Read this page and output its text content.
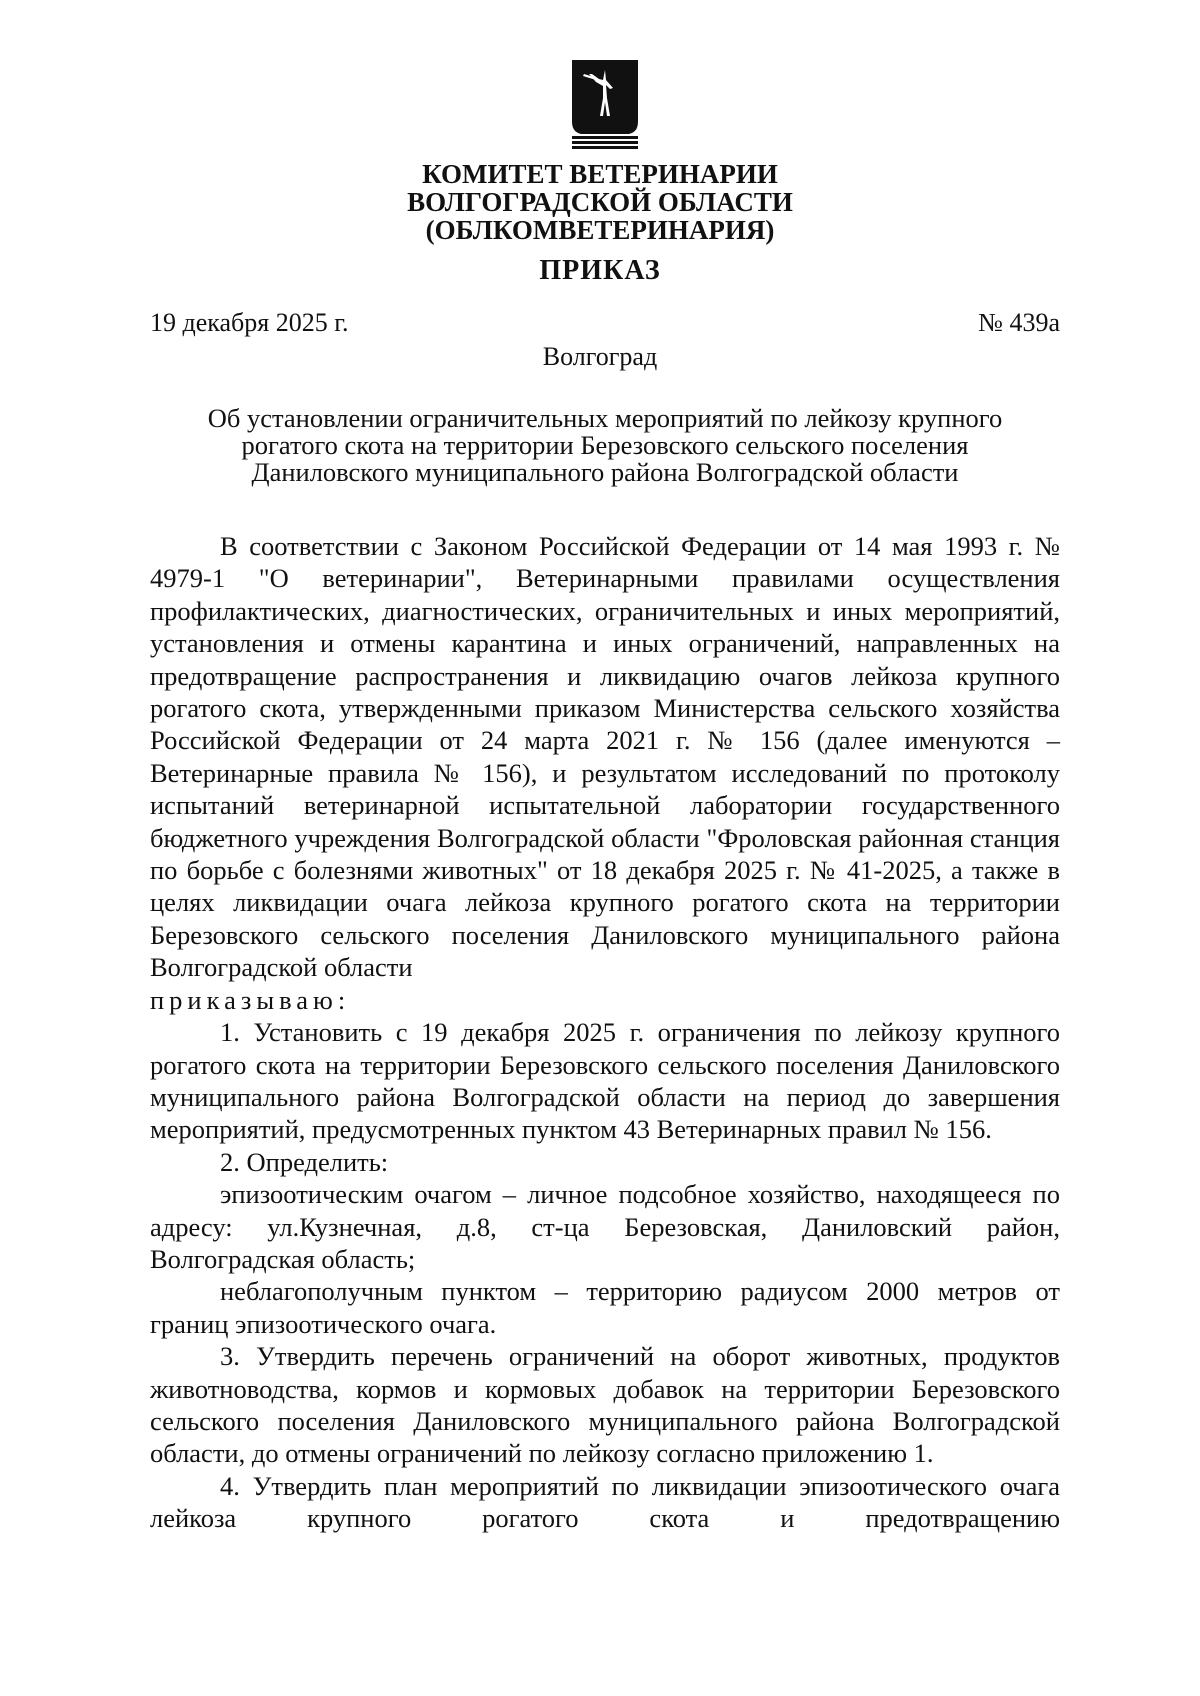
КОМИТЕТ ВЕТЕРИНАРИИ
ВОЛГОГРАДСКОЙ ОБЛАСТИ
(ОБЛКОМВЕТЕРИНАРИЯ)
ПРИКАЗ
19 декабря 2025 г.	№ 439а
Волгоград
Об установлении ограничительных мероприятий по лейкозу крупного
рогатого скота на территории Березовского сельского поселения
Даниловского муниципального района Волгоградской области

В соответствии с Законом Российской Федерации от 14 мая 1993 г. № 4979-1 "О ветеринарии", Ветеринарными правилами осуществления профилактических, диагностических, ограничительных и иных мероприятий, установления и отмены карантина и иных ограничений, направленных на предотвращение распространения и ликвидацию очагов лейкоза крупного рогатого скота, утвержденными приказом Министерства сельского хозяйства Российской Федерации от 24 марта 2021 г. № 156 (далее именуются – Ветеринарные правила № 156), и результатом исследований по протоколу испытаний ветеринарной испытательной лаборатории государственного бюджетного учреждения Волгоградской области "Фроловская районная станция по борьбе с болезнями животных" от 18 декабря 2025 г. № 41-2025, а также в целях ликвидации очага лейкоза крупного рогатого скота на территории Березовского сельского поселения Даниловского муниципального района Волгоградской области

приказываю:

1. Установить с 19 декабря 2025 г. ограничения по лейкозу крупного рогатого скота на территории Березовского сельского поселения Даниловского муниципального района Волгоградской области на период до завершения мероприятий, предусмотренных пунктом 43 Ветеринарных правил № 156.

2. Определить:

эпизоотическим очагом – личное подсобное хозяйство, находящееся по адресу: ул.Кузнечная, д.8, ст-ца Березовская, Даниловский район, Волгоградская область;

неблагополучным пунктом – территорию радиусом 2000 метров от границ эпизоотического очага.

3. Утвердить перечень ограничений на оборот животных, продуктов животноводства, кормов и кормовых добавок на территории Березовского сельского поселения Даниловского муниципального района Волгоградской области, до отмены ограничений по лейкозу согласно приложению 1.

4. Утвердить план мероприятий по ликвидации эпизоотического очага лейкоза крупного рогатого скота и предотвращению
